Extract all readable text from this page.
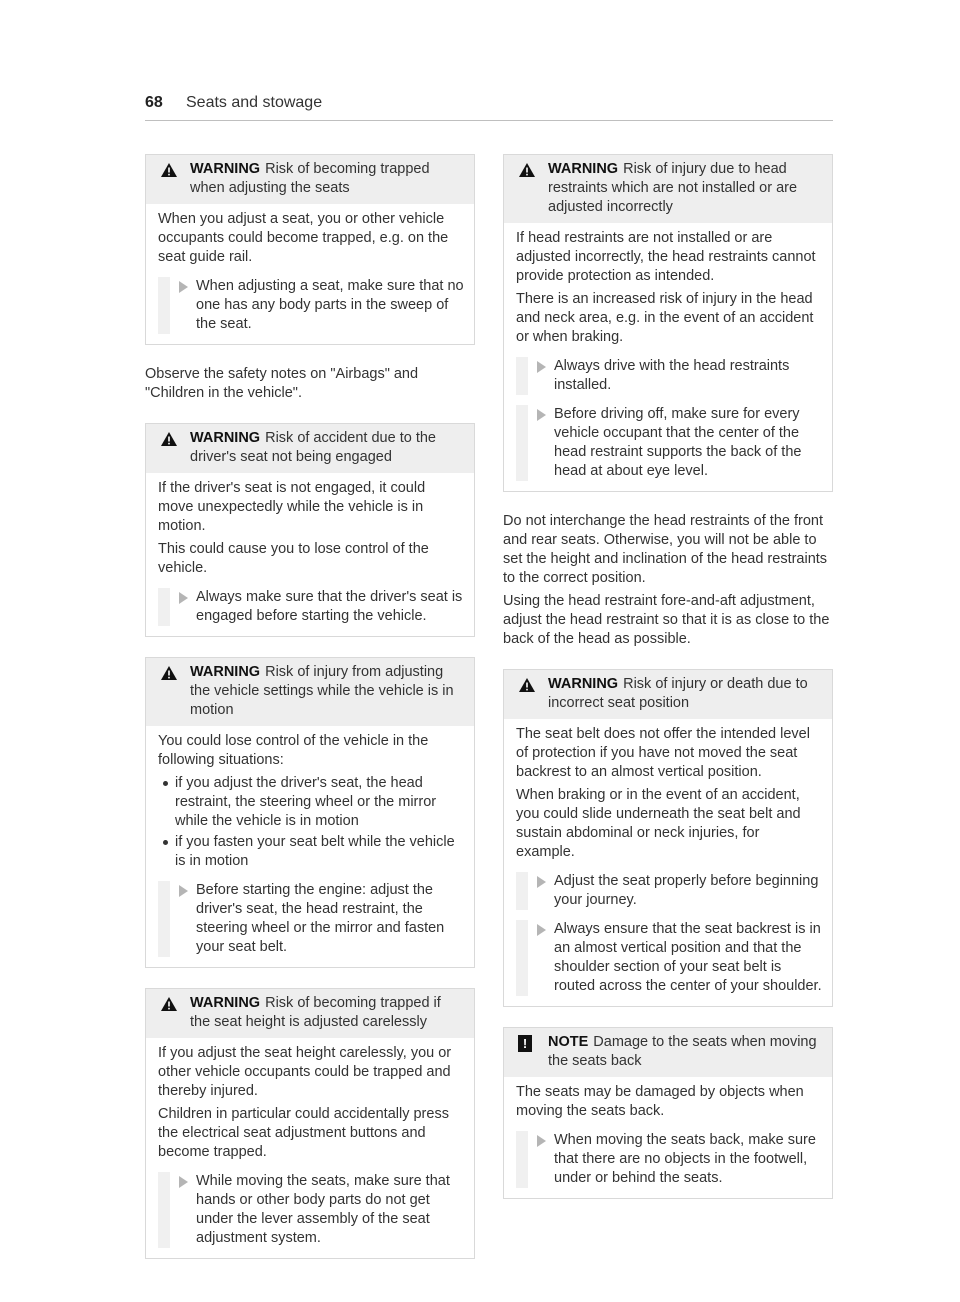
68 Seats and stowage
WARNING Risk of becoming trapped when adjusting the seats

When you adjust a seat, you or other vehicle occupants could become trapped, e.g. on the seat guide rail.

When adjusting a seat, make sure that no one has any body parts in the sweep of the seat.

Observe the safety notes on "Airbags" and "Children in the vehicle".

WARNING Risk of accident due to the driver's seat not being engaged

If the driver's seat is not engaged, it could move unexpectedly while the vehicle is in motion.

This could cause you to lose control of the vehicle.

Always make sure that the driver's seat is engaged before starting the vehicle.
WARNING Risk of injury from adjusting the vehicle settings while the vehicle is in motion

You could lose control of the vehicle in the following situations:

if you adjust the driver's seat, the head restraint, the steering wheel or the mirror while the vehicle is in motion
if you fasten your seat belt while the vehicle is in motion
Before starting the engine: adjust the driver's seat, the head restraint, the steering wheel or the mirror and fasten your seat belt.
WARNING Risk of becoming trapped if the seat height is adjusted carelessly

If you adjust the seat height carelessly, you or other vehicle occupants could be trapped and thereby injured.

Children in particular could accidentally press the electrical seat adjustment buttons and become trapped.

While moving the seats, make sure that hands or other body parts do not get under the lever assembly of the seat adjustment system.
WARNING Risk of injury due to head restraints which are not installed or are adjusted incorrectly

If head restraints are not installed or are adjusted incorrectly, the head restraints cannot provide protection as intended.

There is an increased risk of injury in the head and neck area, e.g. in the event of an accident or when braking.

Always drive with the head restraints installed.
Before driving off, make sure for every vehicle occupant that the center of the head restraint supports the back of the head at about eye level.

Do not interchange the head restraints of the front and rear seats. Otherwise, you will not be able to set the height and inclination of the head restraints to the correct position.

Using the head restraint fore-and-aft adjustment, adjust the head restraint so that it is as close to the back of the head as possible.

WARNING Risk of injury or death due to incorrect seat position

The seat belt does not offer the intended level of protection if you have not moved the seat backrest to an almost vertical position.

When braking or in the event of an accident, you could slide underneath the seat belt and sustain abdominal or neck injuries, for example.

Adjust the seat properly before beginning your journey.
Always ensure that the seat backrest is in an almost vertical position and that the shoulder section of your seat belt is routed across the center of your shoulder.
!	NOTE Damage to the seats when moving the seats back

The seats may be damaged by objects when moving the seats back.

When moving the seats back, make sure that there are no objects in the footwell, under or behind the seats.
